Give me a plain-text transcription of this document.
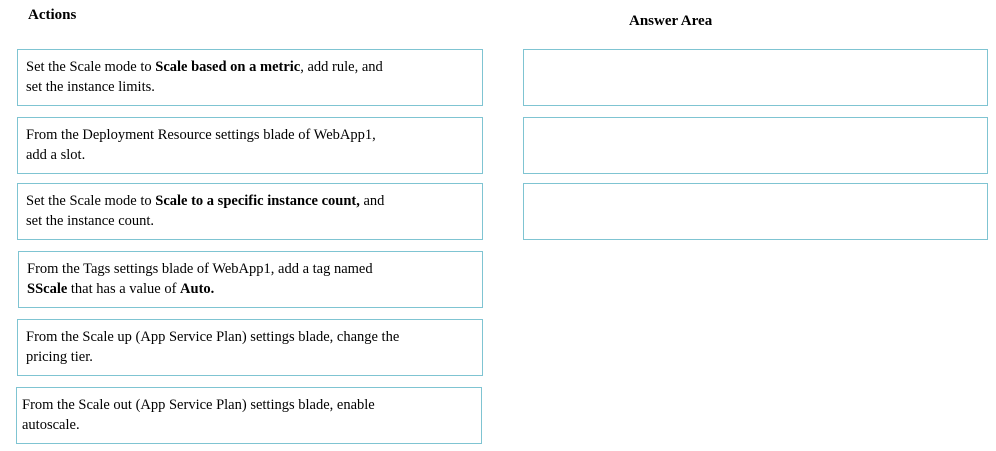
Actions	Answer Area
Set the Scale mode to Scale based on a metric, add rule, and
set the instance limits.
From the Deployment Resource settings blade of WebApp1,
add a slot.
Set the Scale mode to Scale to a specific instance count, and
set the instance count.
From the Tags settings blade of WebApp1, add a tag named
SScale that has a value of Auto.
From the Scale up (App Service Plan) settings blade, change the
pricing tier.
From the Scale out (App Service Plan) settings blade, enable
autoscale.
